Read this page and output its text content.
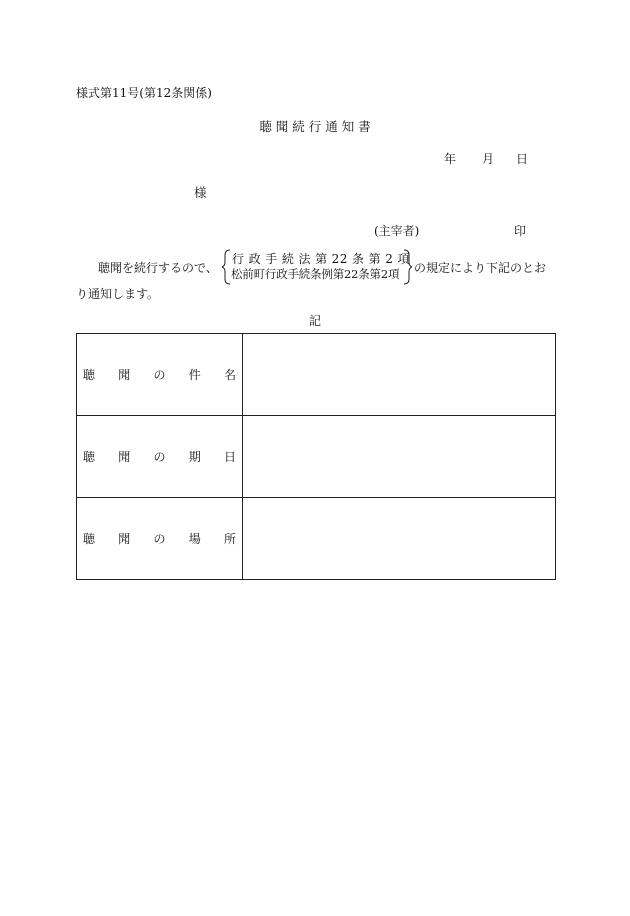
様式第11号(第12条関係)
聴 聞 続 行 通 知 書
年 月 日
様
(主宰者)	印
聴聞を続行するので、
行 政 手 続 法 第 22 条 第 2 項
松前町行政手続条例第22条第2項 の規定により下記のとお
り通知します。
記
聴 聞 の 件 名	

聴 聞 の 期 日	

聴 聞 の 場 所	
